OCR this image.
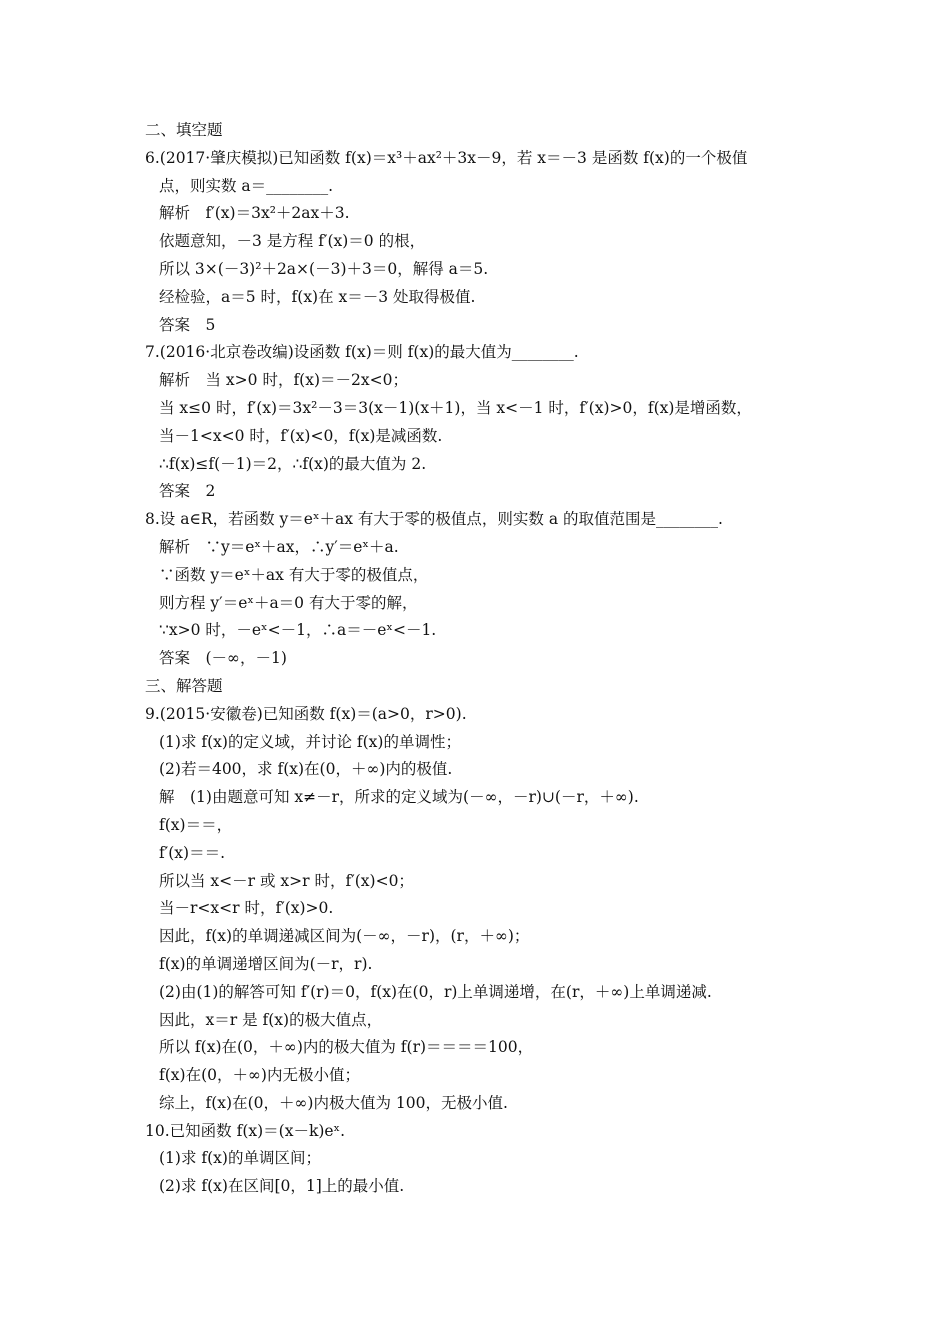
二、填空题
6.(2017·肇庆模拟)已知函数 f(x)＝x³＋ax²＋3x－9，若 x＝－3 是函数 f(x)的一个极值
点，则实数 a＝________.
解析　f′(x)＝3x²＋2ax＋3.
依题意知，－3 是方程 f′(x)＝0 的根，
所以 3×(－3)²＋2a×(－3)＋3＝0，解得 a＝5.
经检验，a＝5 时，f(x)在 x＝－3 处取得极值.
答案　5
7.(2016·北京卷改编)设函数 f(x)＝则 f(x)的最大值为________.
解析　当 x>0 时，f(x)＝－2x<0；
当 x≤0 时，f′(x)＝3x²－3＝3(x－1)(x＋1)，当 x<－1 时，f′(x)>0，f(x)是增函数，
当－1<x<0 时，f′(x)<0，f(x)是减函数.
∴f(x)≤f(－1)＝2，∴f(x)的最大值为 2.
答案　2
8.设 a∈R，若函数 y＝eˣ＋ax 有大于零的极值点，则实数 a 的取值范围是________.
解析　∵y＝eˣ＋ax，∴y′＝eˣ＋a.
∵函数 y＝eˣ＋ax 有大于零的极值点，
则方程 y′＝eˣ＋a＝0 有大于零的解，
∵x>0 时，－eˣ<－1，∴a＝－eˣ<－1.
答案　(－∞，－1)
三、解答题
9.(2015·安徽卷)已知函数 f(x)＝(a>0，r>0).
(1)求 f(x)的定义域，并讨论 f(x)的单调性；
(2)若＝400，求 f(x)在(0，＋∞)内的极值.
解　(1)由题意可知 x≠－r，所求的定义域为(－∞，－r)∪(－r，＋∞).
f(x)＝＝，
f′(x)＝＝.
所以当 x<－r 或 x>r 时，f′(x)<0；
当－r<x<r 时，f′(x)>0.
因此，f(x)的单调递减区间为(－∞，－r)，(r，＋∞)；
f(x)的单调递增区间为(－r，r).
(2)由(1)的解答可知 f′(r)＝0，f(x)在(0，r)上单调递增，在(r，＋∞)上单调递减.
因此，x＝r 是 f(x)的极大值点，
所以 f(x)在(0，＋∞)内的极大值为 f(r)＝＝＝＝100，
f(x)在(0，＋∞)内无极小值；
综上，f(x)在(0，＋∞)内极大值为 100，无极小值.
10.已知函数 f(x)＝(x－k)eˣ.
(1)求 f(x)的单调区间；
(2)求 f(x)在区间[0，1]上的最小值.
